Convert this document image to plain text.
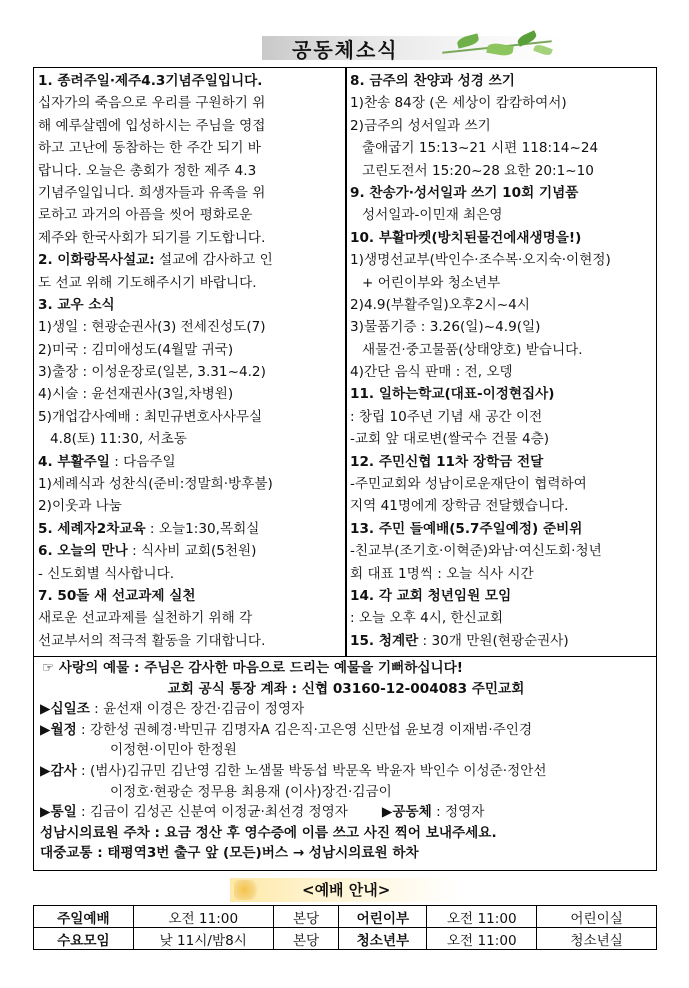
공동체소식
1. 종려주일·제주4.3기념주일입니다.
십자가의 죽음으로 우리를 구원하기 위
해 예루살렘에 입성하시는 주님을 영접
하고 고난에 동참하는 한 주간 되기 바
랍니다. 오늘은 총회가 정한 제주 4.3
기념주일입니다. 희생자들과 유족을 위
로하고 과거의 아픔을 씻어 평화로운
제주와 한국사회가 되기를 기도합니다.
2. 이화랑목사설교: 설교에 감사하고 인
도 선교 위해 기도해주시기 바랍니다.
3. 교우 소식
1)생일 : 현광순권사(3) 전세진성도(7)
2)미국 : 김미애성도(4월말 귀국)
3)출장 : 이성운장로(일본, 3.31~4.2)
4)시술 : 윤선재권사(3일,차병원)
5)개업감사예배 : 최민규변호사사무실
4.8(토) 11:30, 서초동
4. 부활주일 : 다음주일
1)세례식과 성찬식(준비:정말희·방후불)
2)이웃과 나눔
5. 세례자2차교육 : 오늘1:30,목회실
6. 오늘의 만나 : 식사비 교회(5천원)
- 신도회별 식사합니다.
7. 50돌 새 선교과제 실천
새로운 선교과제를 실천하기 위해 각
선교부서의 적극적 활동을 기대합니다.
8. 금주의 찬양과 성경 쓰기
1)찬송 84장 (온 세상이 캄캄하여서)
2)금주의 성서일과 쓰기
출애굽기 15:13~21 시편 118:14~24
고린도전서 15:20~28 요한 20:1~10
9. 찬송가·성서일과 쓰기 10회 기념품
성서일과-이민재 최은영
10. 부활마켓(방치된물건에새생명을!)
1)생명선교부(박인수·조수복·오지숙·이현정)
+ 어린이부와 청소년부
2)4.9(부활주일)오후2시~4시
3)물품기증 : 3.26(일)~4.9(일)
새물건·중고물품(상태양호) 받습니다.
4)간단 음식 판매 : 전, 오뎅
11. 일하는학교(대표-이정현집사)
: 창립 10주년 기념 새 공간 이전
-교회 앞 대로변(쌀국수 건물 4층)
12. 주민신협 11차 장학금 전달
-주민교회와 성남이로운재단이 협력하여
지역 41명에게 장학금 전달했습니다.
13. 주민 들예배(5.7주일예정) 준비위
-친교부(조기호·이혁준)와남·여신도회·청년
회 대표 1명씩 : 오늘 식사 시간
14. 각 교회 청년임원 모임
: 오늘 오후 4시, 한신교회
15. 청계란 : 30개 만원(현광순권사)
☞ 사랑의 예물 : 주님은 감사한 마음으로 드리는 예물을 기뻐하십니다!
교회 공식 통장 계좌 : 신협 03160-12-004083 주민교회
▶십일조 : 윤선재 이경은 장건·김금이 정영자
▶월정 : 강한성 권혜경·박민규 김명자A 김은직·고은영 신만섭 윤보경 이재범·주인경
이정현·이민아 한정원
▶감사 : (범사)김규민 김난영 김한 노샘물 박동섭 박문옥 박윤자 박인수 이성준·정안선
이정호·현광순 정무용 최용재 (이사)장건·김금이
▶통일 : 김금이 김성곤 신분여 이정균·최선경 정영자	▶공동체 : 정영자
성남시의료원 주차 : 요금 정산 후 영수증에 이름 쓰고 사진 찍어 보내주세요.
대중교통 : 태평역3번 출구 앞 (모든)버스 → 성남시의료원 하차
<예배 안내>
주일예배	오전 11:00	본당	어린이부	오전 11:00	어린이실
수요모임	낮 11시/밤8시	본당	청소년부	오전 11:00	청소년실
